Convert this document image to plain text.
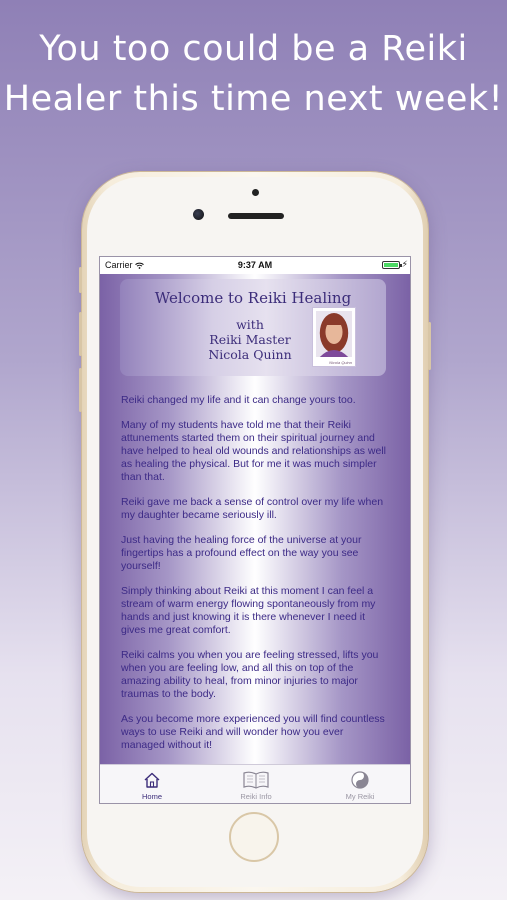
You too could be a Reiki
Healer this time next week!
Carrier	9:37 AM	⚡
Welcome to Reiki Healing
with
Reiki Master
Nicola Quinn
Nicola Quinn

Reiki changed my life and it can change yours too.

Many of my students have told me that their Reiki attunements started them on their spiritual journey and have helped to heal old wounds and relationships as well as healing the physical. But for me it was much simpler than that.

Reiki gave me back a sense of control over my life when my daughter became seriously ill.

Just having the healing force of the universe at your fingertips has a profound effect on the way you see yourself!

Simply thinking about Reiki at this moment I can feel a stream of warm energy flowing spontaneously from my hands and just knowing it is there whenever I need it gives me great comfort.

Reiki calms you when you are feeling stressed, lifts you when you are feeling low, and all this on top of the amazing ability to heal, from minor injuries to major traumas to the body.

As you become more experienced you will find countless ways to use Reiki and will wonder how you ever managed without it!

Home	Reiki Info	My Reiki
